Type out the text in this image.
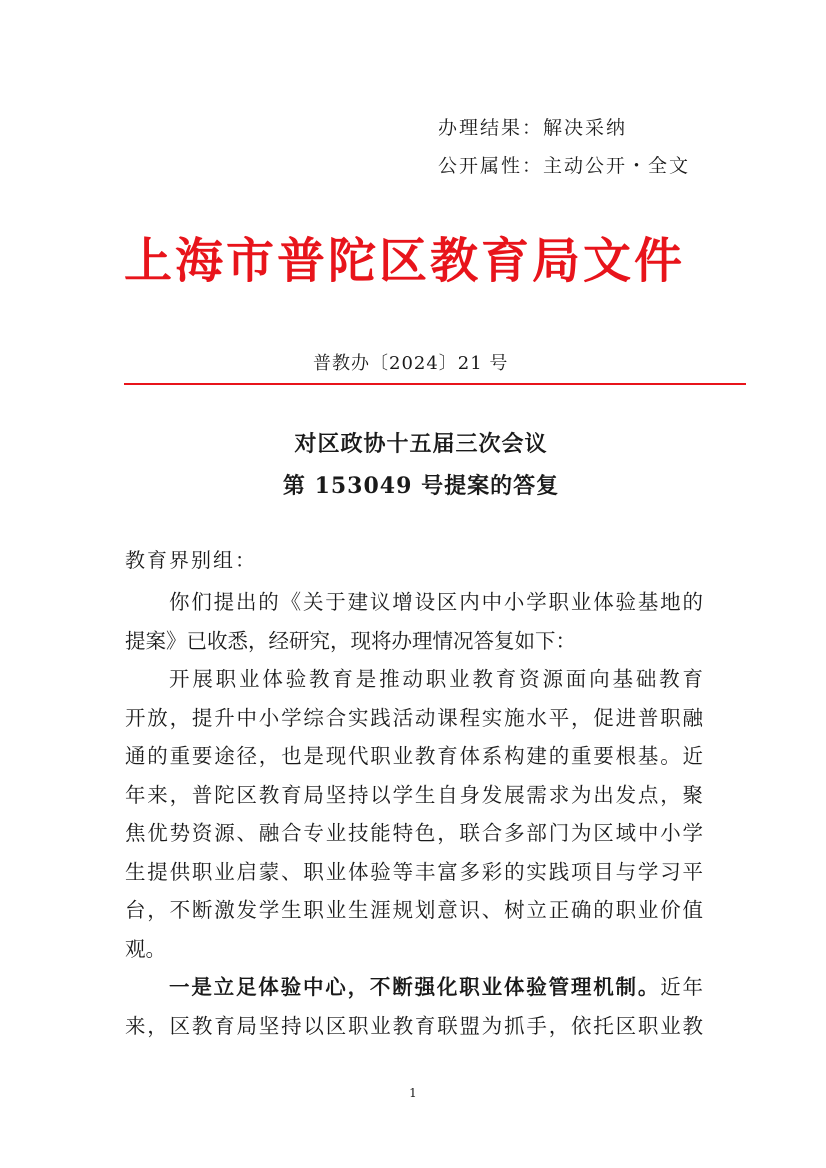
办理结果：解决采纳
公开属性：主动公开・全文
上海市普陀区教育局文件
普教办〔2024〕21 号
对区政协十五届三次会议
第 153049 号提案的答复
教育界别组：
你们提出的《关于建议增设区内中小学职业体验基地的
提案》已收悉，经研究，现将办理情况答复如下：
开展职业体验教育是推动职业教育资源面向基础教育
开放，提升中小学综合实践活动课程实施水平，促进普职融
通的重要途径，也是现代职业教育体系构建的重要根基。近
年来，普陀区教育局坚持以学生自身发展需求为出发点，聚
焦优势资源、融合专业技能特色，联合多部门为区域中小学
生提供职业启蒙、职业体验等丰富多彩的实践项目与学习平
台，不断激发学生职业生涯规划意识、树立正确的职业价值
观。
一是立足体验中心，不断强化职业体验管理机制。近年
来，区教育局坚持以区职业教育联盟为抓手，依托区职业教
1
